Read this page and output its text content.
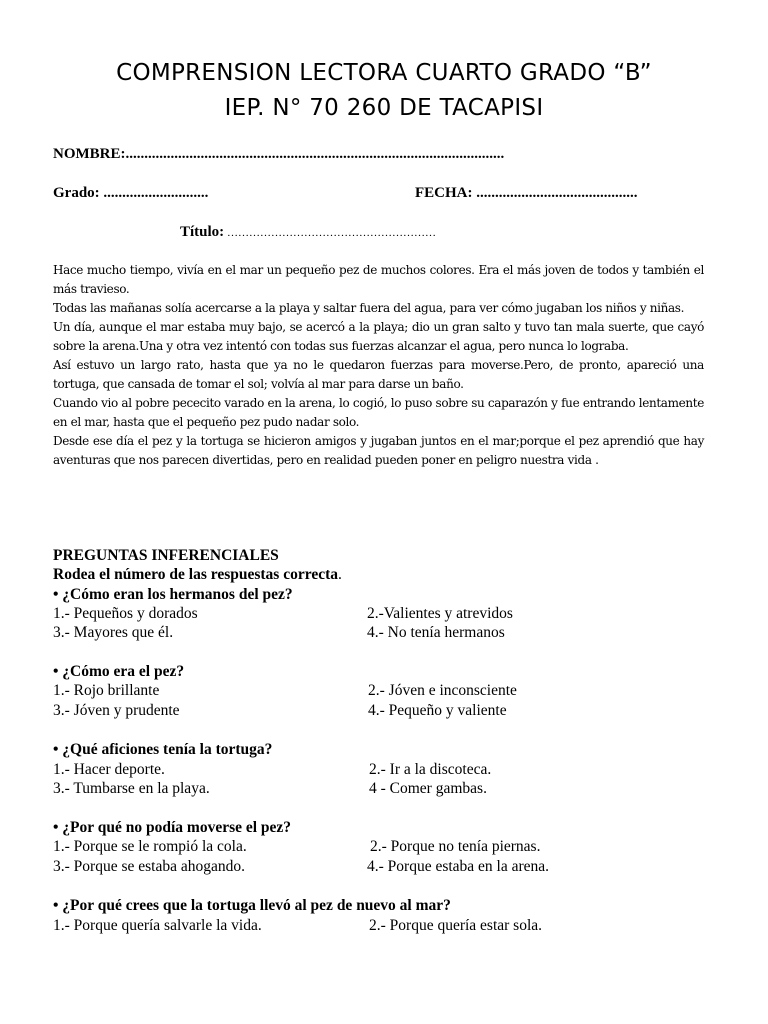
COMPRENSION LECTORA CUARTO GRADO “B”
IEP. N° 70 260 DE TACAPISI
NOMBRE:.....................................................................................................
Grado: ............................	FECHA: ...........................................
Título: …………………………………………………

Hace mucho tiempo, vivía en el mar un pequeño pez de muchos colores. Era el más joven de todos y también el más travieso.

Todas las mañanas solía acercarse a la playa y saltar fuera del agua, para ver cómo jugaban los niños y niñas.

Un día, aunque el mar estaba muy bajo, se acercó a la playa; dio un gran salto y tuvo tan mala suerte, que cayó sobre la arena.Una y otra vez intentó con todas sus fuerzas alcanzar el agua, pero nunca lo lograba.

Así estuvo un largo rato, hasta que ya no le quedaron fuerzas para moverse.Pero, de pronto, apareció una tortuga, que cansada de tomar el sol; volvía al mar para darse un baño.

Cuando vio al pobre pececito varado en la arena, lo cogió, lo puso sobre su caparazón y fue entrando lentamente en el mar, hasta que el pequeño pez pudo nadar solo.

Desde ese día el pez y la tortuga se hicieron amigos y jugaban juntos en el mar;porque el pez aprendió que hay aventuras que nos parecen divertidas, pero en realidad pueden poner en peligro nuestra vida .

PREGUNTAS INFERENCIALES
Rodea el número de las respuestas correcta.
• ¿Cómo eran los hermanos del pez?
1.- Pequeños y dorados	2.-Valientes y atrevidos
3.- Mayores que él.	4.- No tenía hermanos
• ¿Cómo era el pez?
1.- Rojo brillante	2.- Jóven e inconsciente
3.- Jóven y prudente	4.- Pequeño y valiente
• ¿Qué aficiones tenía la tortuga?
1.- Hacer deporte.	2.- Ir a la discoteca.
3.- Tumbarse en la playa.	4 - Comer gambas.
• ¿Por qué no podía moverse el pez?
1.- Porque se le rompió la cola.	2.- Porque no tenía piernas.
3.- Porque se estaba ahogando.	4.- Porque estaba en la arena.
• ¿Por qué crees que la tortuga llevó al pez de nuevo al mar?
1.- Porque quería salvarle la vida.	2.- Porque quería estar sola.
